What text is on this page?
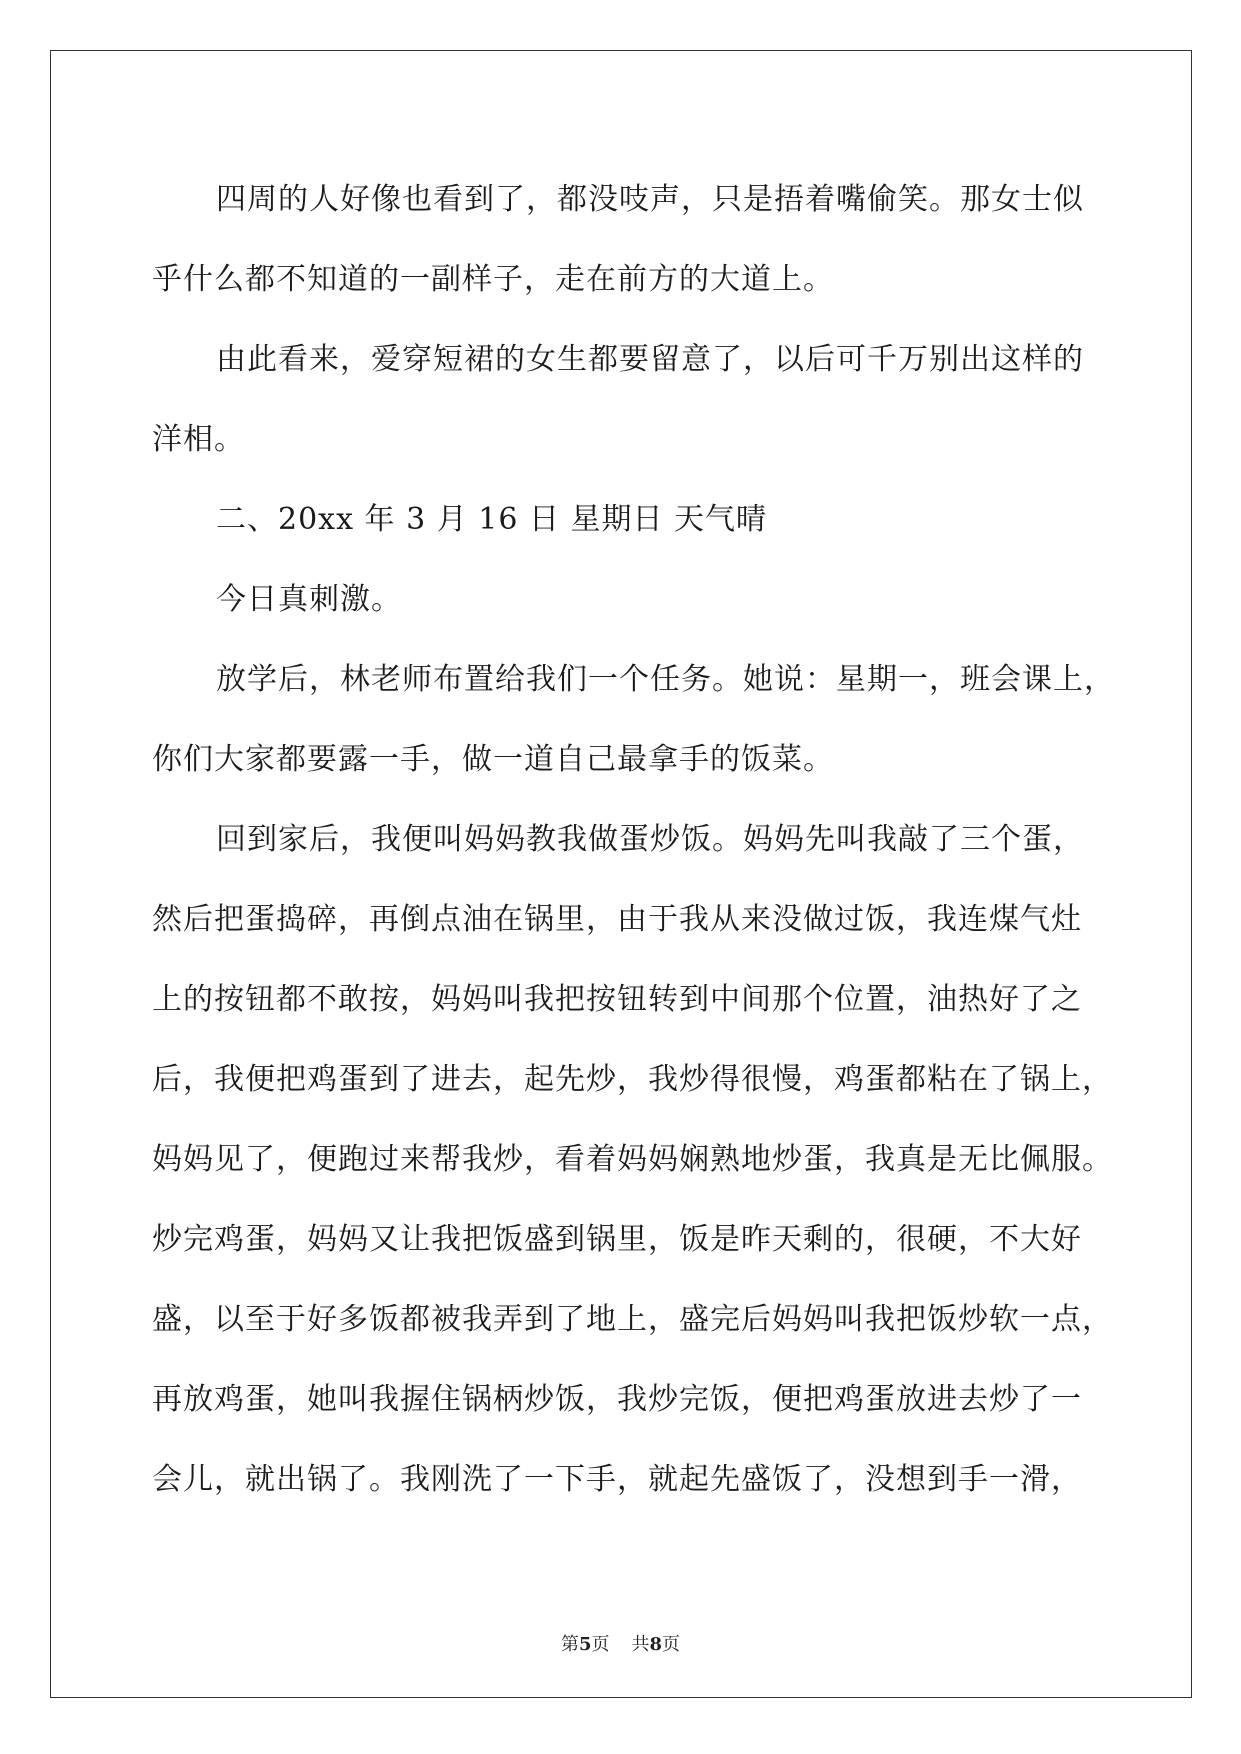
四周的人好像也看到了，都没吱声，只是捂着嘴偷笑。那女士似
乎什么都不知道的一副样子，走在前方的大道上。
由此看来，爱穿短裙的女生都要留意了，以后可千万别出这样的
洋相。
二、20xx 年 3 月 16 日 星期日 天气晴
今日真刺激。
放学后，林老师布置给我们一个任务。她说：星期一，班会课上，
你们大家都要露一手，做一道自己最拿手的饭菜。
回到家后，我便叫妈妈教我做蛋炒饭。妈妈先叫我敲了三个蛋，
然后把蛋捣碎，再倒点油在锅里，由于我从来没做过饭，我连煤气灶
上的按钮都不敢按，妈妈叫我把按钮转到中间那个位置，油热好了之
后，我便把鸡蛋到了进去，起先炒，我炒得很慢，鸡蛋都粘在了锅上，
妈妈见了，便跑过来帮我炒，看着妈妈娴熟地炒蛋，我真是无比佩服。
炒完鸡蛋，妈妈又让我把饭盛到锅里，饭是昨天剩的，很硬，不大好
盛，以至于好多饭都被我弄到了地上，盛完后妈妈叫我把饭炒软一点，
再放鸡蛋，她叫我握住锅柄炒饭，我炒完饭，便把鸡蛋放进去炒了一
会儿，就出锅了。我刚洗了一下手，就起先盛饭了，没想到手一滑，
第5页 共8页
